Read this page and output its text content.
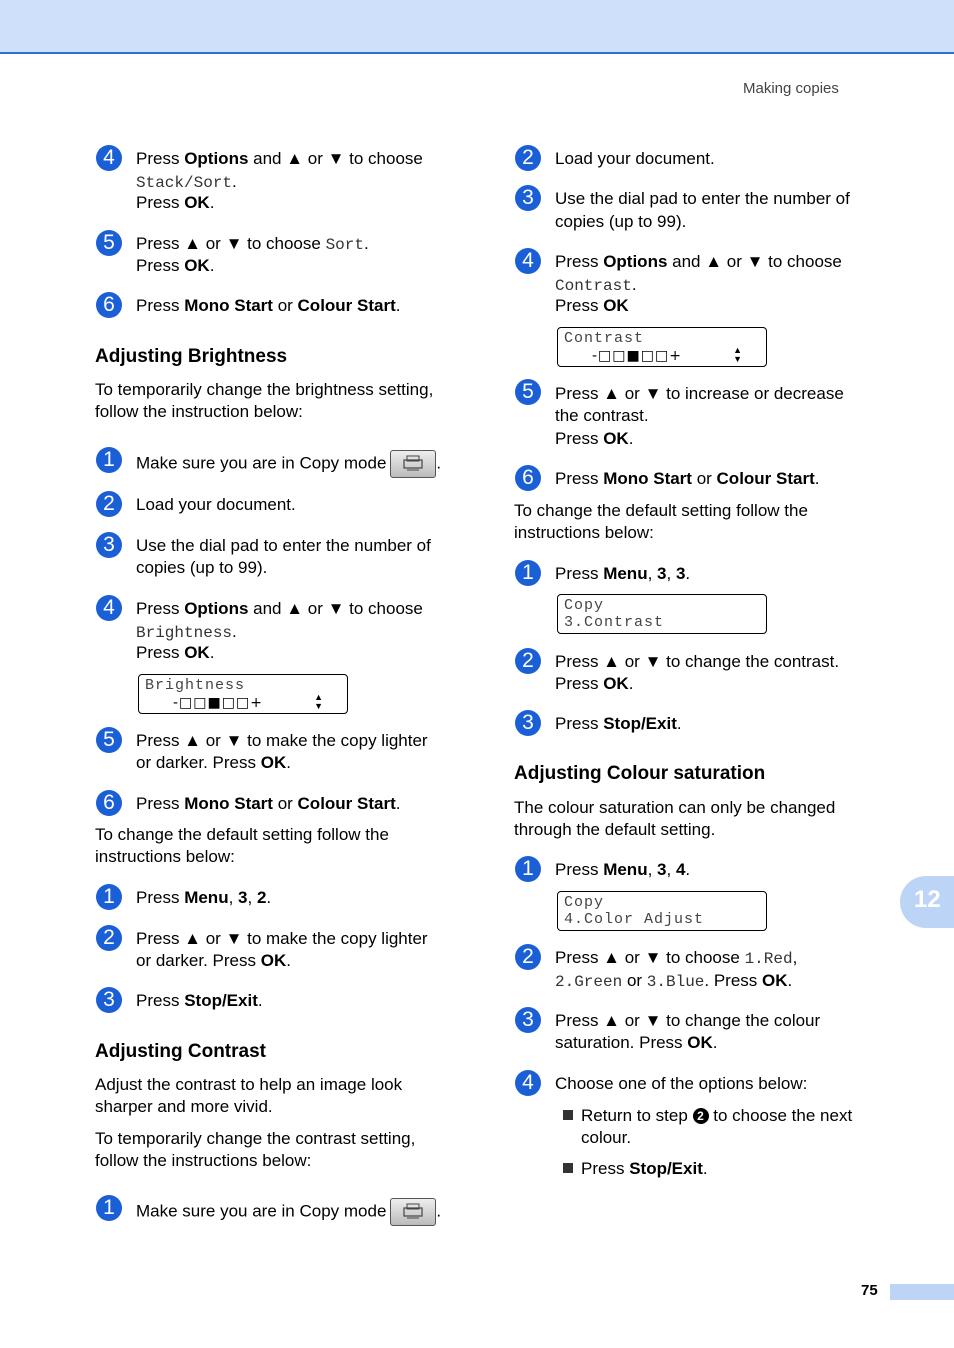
Making copies
4	Press Options and ▲ or ▼ to choose
Stack/Sort.
Press OK.
5	Press ▲ or ▼ to choose Sort.
Press OK.
6	Press Mono Start or Colour Start.
Adjusting Brightness
To temporarily change the brightness setting,
follow the instruction below:
1	Make sure you are in Copy mode	.
2	Load your document.
3	Use the dial pad to enter the number of
copies (up to 99).
4	Press Options and ▲ or ▼ to choose
Brightness.
Press OK.
Brightness
-□□■□□+	▲
▼
5	Press ▲ or ▼ to make the copy lighter
or darker. Press OK.
6	Press Mono Start or Colour Start.
To change the default setting follow the
instructions below:
1	Press Menu, 3, 2.
2	Press ▲ or ▼ to make the copy lighter
or darker. Press OK.
3	Press Stop/Exit.
Adjusting Contrast
Adjust the contrast to help an image look
sharper and more vivid.
To temporarily change the contrast setting,
follow the instructions below:
1	Make sure you are in Copy mode	.
2	Load your document.
3	Use the dial pad to enter the number of
copies (up to 99).
4	Press Options and ▲ or ▼ to choose
Contrast.
Press OK
Contrast
-□□■□□+	▲
▼
5	Press ▲ or ▼ to increase or decrease
the contrast.
Press OK.
6	Press Mono Start or Colour Start.
To change the default setting follow the
instructions below:
1	Press Menu, 3, 3.
Copy
3.Contrast
2	Press ▲ or ▼ to change the contrast.
Press OK.
3	Press Stop/Exit.
Adjusting Colour saturation
The colour saturation can only be changed
through the default setting.
1	Press Menu, 3, 4.
Copy
4.Color Adjust
2	Press ▲ or ▼ to choose 1.Red,
2.Green or 3.Blue. Press OK.
3	Press ▲ or ▼ to change the colour
saturation. Press OK.
4	Choose one of the options below:
Return to step 2 to choose the next
colour.
Press Stop/Exit.
12
75
